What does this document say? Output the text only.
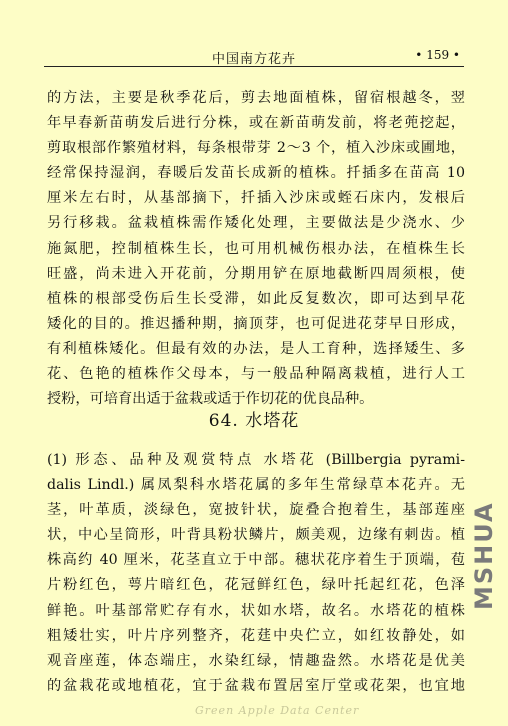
中国南方花卉	• 159 •

的方法，主要是秋季花后，剪去地面植株，留宿根越冬，翌

年早春新苗萌发后进行分株，或在新苗萌发前，将老蔸挖起，

剪取根部作繁殖材料，每条根带芽 2～3 个，植入沙床或圃地，

经常保持湿润，春暖后发苗长成新的植株。扦插多在苗高 10

厘米左右时，从基部摘下，扦插入沙床或蛭石床内，发根后

另行移栽。盆栽植株需作矮化处理，主要做法是少浇水、少

施氮肥，控制植株生长，也可用机械伤根办法，在植株生长

旺盛，尚未进入开花前，分期用铲在原地截断四周须根，使

植株的根部受伤后生长受滞，如此反复数次，即可达到早花

矮化的目的。推迟播种期，摘顶芽，也可促进花芽早日形成，

有利植株矮化。但最有效的办法，是人工育种，选择矮生、多

花、色艳的植株作父母本，与一般品种隔离栽植，进行人工

授粉，可培育出适于盆栽或适于作切花的优良品种。

64. 水塔花

(1) 形态、品种及观赏特点 水塔花 (Billbergia pyrami-

dalis Lindl.) 属凤梨科水塔花属的多年生常绿草本花卉。无

茎，叶革质，淡绿色，宽披针状，旋叠合抱着生，基部莲座

状，中心呈筒形，叶背具粉状鳞片，颇美观，边缘有刺齿。植

株高约 40 厘米，花茎直立于中部。穗状花序着生于顶端，苞

片粉红色，萼片暗红色，花冠鲜红色，绿叶托起红花，色泽

鲜艳。叶基部常贮存有水，状如水塔，故名。水塔花的植株

粗矮壮实，叶片序列整齐，花莛中央伫立，如红妆静处，如

观音座莲，体态端庄，水染红绿，情趣盎然。水塔花是优美

的盆栽花或地植花，宜于盆栽布置居室厅堂或花架，也宜地

MSHUA
Green Apple Data Center
